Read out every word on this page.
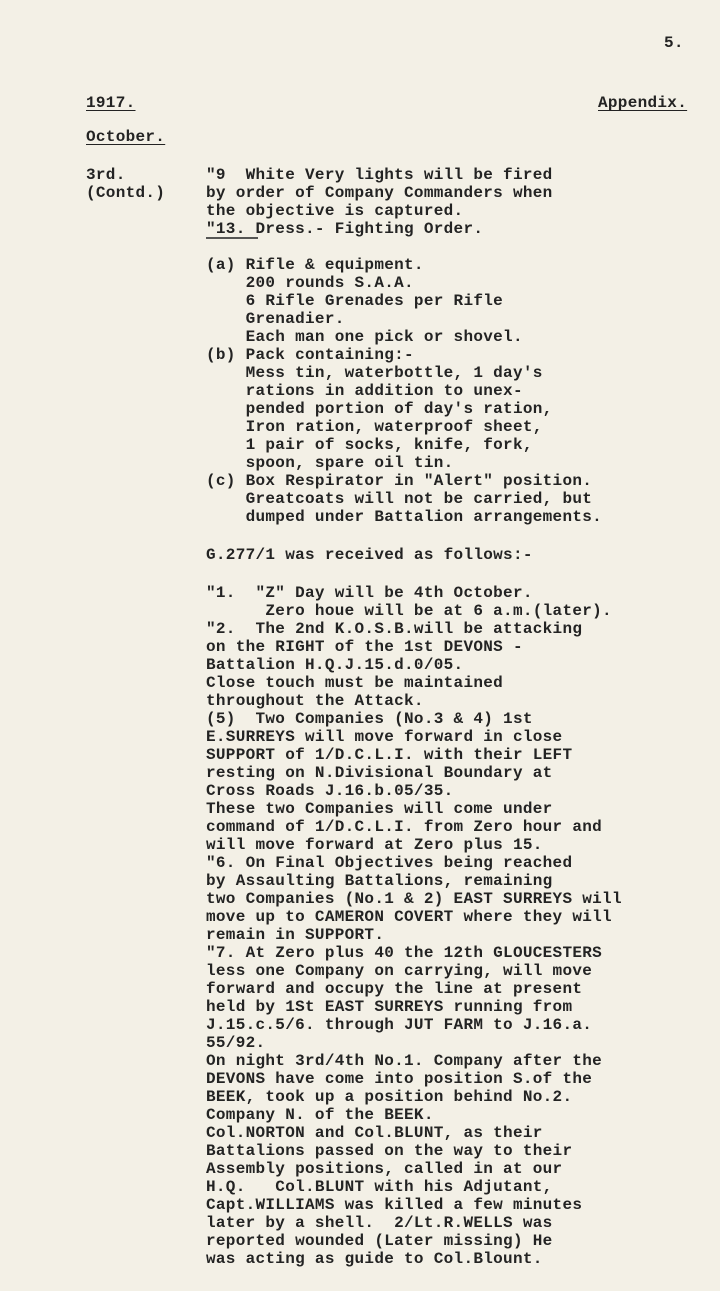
5.
1917.	Appendix.
October.
3rd.
(Contd.)
"9  White Very lights will be fired
by order of Company Commanders when
the objective is captured.
"13. Dress.- Fighting Order.
(a) Rifle & equipment.
200 rounds S.A.A.
6 Rifle Grenades per Rifle
Grenadier.
Each man one pick or shovel.
(b) Pack containing:-
Mess tin, waterbottle, 1 day's
rations in addition to unex-
pended portion of day's ration,
Iron ration, waterproof sheet,
1 pair of socks, knife, fork,
spoon, spare oil tin.
(c) Box Respirator in "Alert" position.
Greatcoats will not be carried, but
dumped under Battalion arrangements.
G.277/1 was received as follows:-
"1.  "Z" Day will be 4th October.
Zero houe will be at 6 a.m.(later).
"2.  The 2nd K.O.S.B.will be attacking
on the RIGHT of the 1st DEVONS -
Battalion H.Q.J.15.d.0/05.
Close touch must be maintained
throughout the Attack.
(5)  Two Companies (No.3 & 4) 1st
E.SURREYS will move forward in close
SUPPORT of 1/D.C.L.I. with their LEFT
resting on N.Divisional Boundary at
Cross Roads J.16.b.05/35.
These two Companies will come under
command of 1/D.C.L.I. from Zero hour and
will move forward at Zero plus 15.
"6. On Final Objectives being reached
by Assaulting Battalions, remaining
two Companies (No.1 & 2) EAST SURREYS will
move up to CAMERON COVERT where they will
remain in SUPPORT.
"7. At Zero plus 40 the 12th GLOUCESTERS
less one Company on carrying, will move
forward and occupy the line at present
held by 1St EAST SURREYS running from
J.15.c.5/6. through JUT FARM to J.16.a.
55/92.
On night 3rd/4th No.1. Company after the
DEVONS have come into position S.of the
BEEK, took up a position behind No.2.
Company N. of the BEEK.
Col.NORTON and Col.BLUNT, as their
Battalions passed on the way to their
Assembly positions, called in at our
H.Q.   Col.BLUNT with his Adjutant,
Capt.WILLIAMS was killed a few minutes
later by a shell.  2/Lt.R.WELLS was
reported wounded (Later missing) He
was acting as guide to Col.Blount.
